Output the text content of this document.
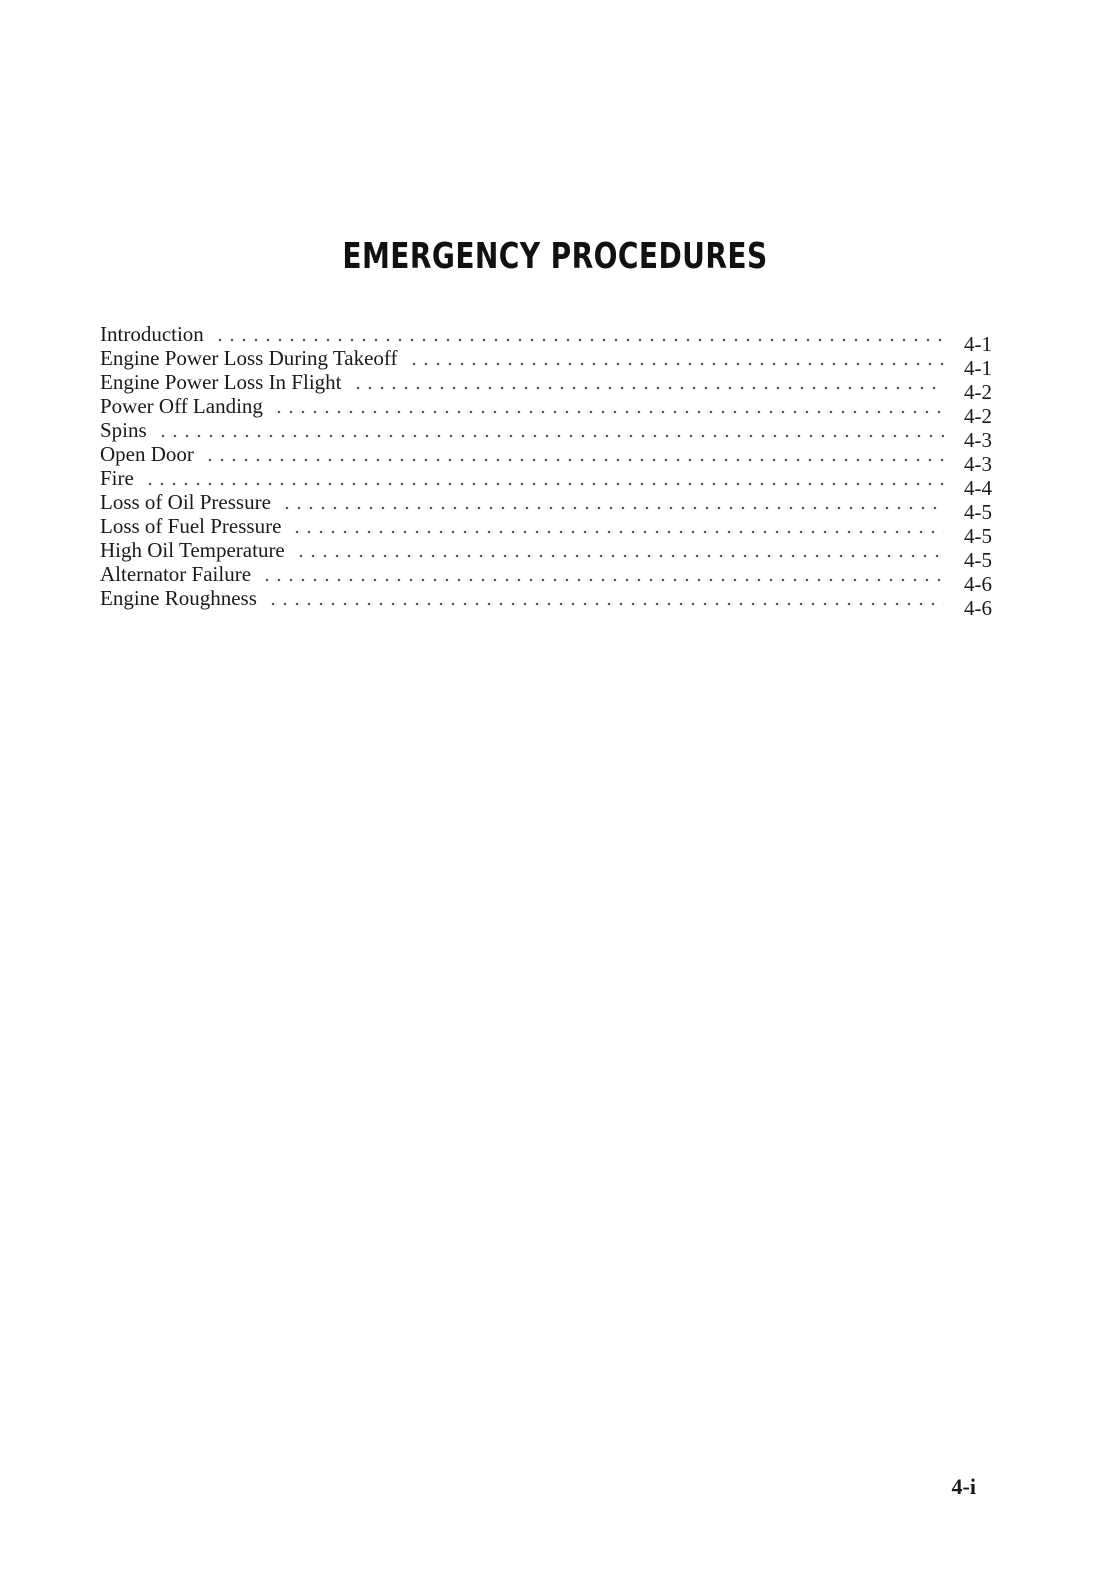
EMERGENCY PROCEDURES
Introduction	4-1
Engine Power Loss During Takeoff	4-1
Engine Power Loss In Flight	4-2
Power Off Landing	4-2
Spins	4-3
Open Door	4-3
Fire	4-4
Loss of Oil Pressure	4-5
Loss of Fuel Pressure	4-5
High Oil Temperature	4-5
Alternator Failure	4-6
Engine Roughness	4-6
4-i
